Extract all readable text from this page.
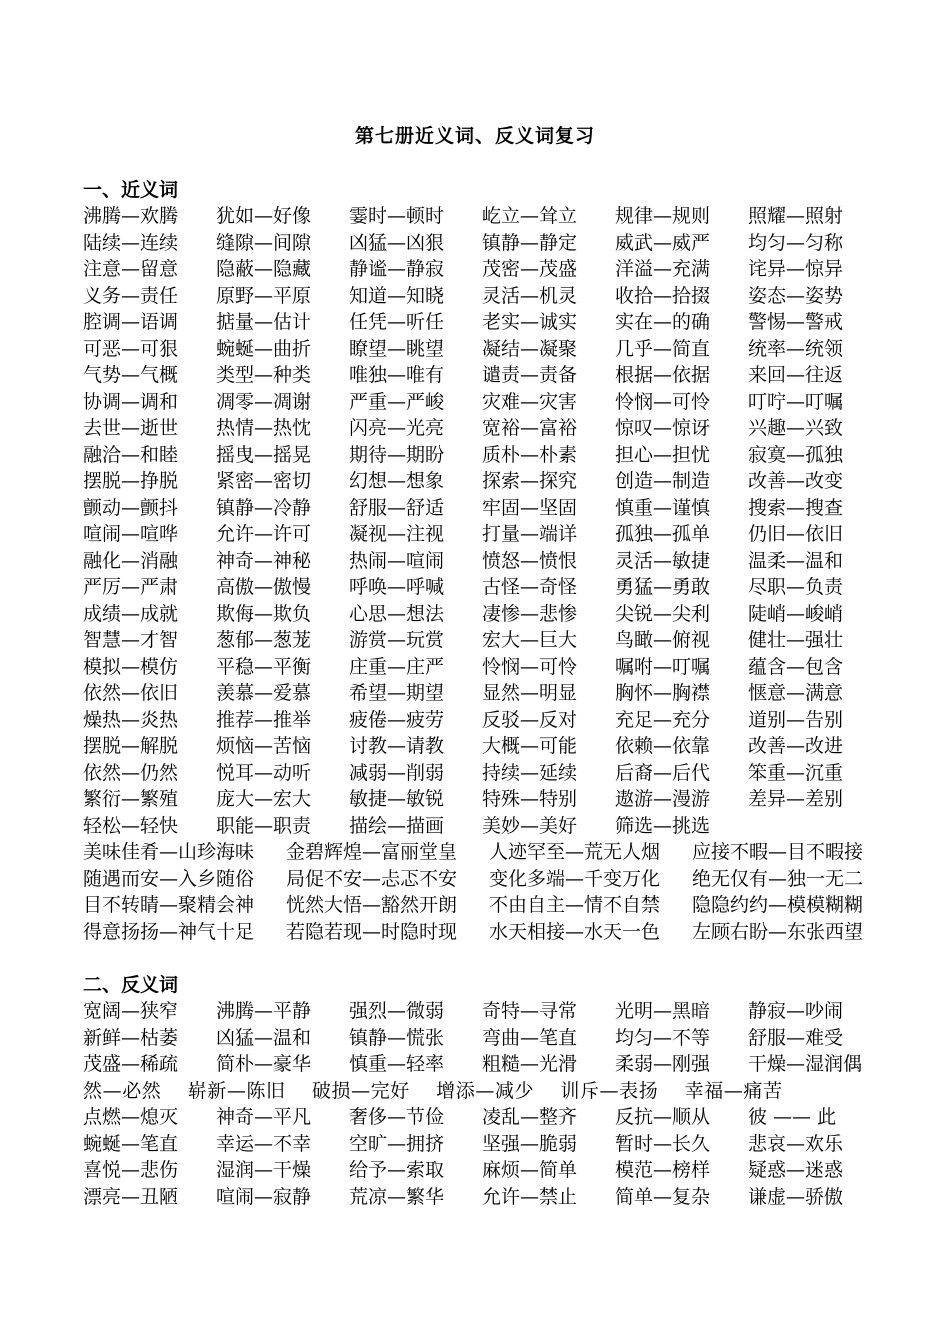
第七册近义词、反义词复习
一、近义词
沸腾—欢腾 犹如—好像 霎时—顿时 屹立—耸立 规律—规则 照耀—照射
陆续—连续 缝隙—间隙 凶猛—凶狠 镇静—静定 威武—威严 均匀—匀称
注意—留意 隐蔽—隐藏 静谧—静寂 茂密—茂盛 洋溢—充满 诧异—惊异
义务—责任 原野—平原 知道—知晓 灵活—机灵 收拾—拾掇 姿态—姿势
腔调—语调 掂量—估计 任凭—听任 老实—诚实 实在—的确 警惕—警戒
可恶—可狠 蜿蜒—曲折 瞭望—眺望 凝结—凝聚 几乎—简直 统率—统领
气势—气概 类型—种类 唯独—唯有 谴责—责备 根据—依据 来回—往返
协调—调和 凋零—凋谢 严重—严峻 灾难—灾害 怜悯—可怜 叮咛—叮嘱
去世—逝世 热情—热忱 闪亮—光亮 宽裕—富裕 惊叹—惊讶 兴趣—兴致
融洽—和睦 摇曳—摇晃 期待—期盼 质朴—朴素 担心—担忧 寂寞—孤独
摆脱—挣脱 紧密—密切 幻想—想象 探索—探究 创造—制造 改善—改变
颤动—颤抖 镇静—冷静 舒服—舒适 牢固—坚固 慎重—谨慎 搜索—搜查
喧闹—喧哗 允许—许可 凝视—注视 打量—端详 孤独—孤单 仍旧—依旧
融化—消融 神奇—神秘 热闹—喧闹 愤怒—愤恨 灵活—敏捷 温柔—温和
严厉—严肃 高傲—傲慢 呼唤—呼喊 古怪—奇怪 勇猛—勇敢 尽职—负责
成绩—成就 欺侮—欺负 心思—想法 凄惨—悲惨 尖锐—尖利 陡峭—峻峭
智慧—才智 葱郁—葱茏 游赏—玩赏 宏大—巨大 鸟瞰—俯视 健壮—强壮
模拟—模仿 平稳—平衡 庄重—庄严 怜悯—可怜 嘱咐—叮嘱 蕴含—包含
依然—依旧 羡慕—爱慕 希望—期望 显然—明显 胸怀—胸襟 惬意—满意
燥热—炎热 推荐—推举 疲倦—疲劳 反驳—反对 充足—充分 道别—告别
摆脱—解脱 烦恼—苦恼 讨教—请教 大概—可能 依赖—依靠 改善—改进
依然—仍然 悦耳—动听 减弱—削弱 持续—延续 后裔—后代 笨重—沉重
繁衍—繁殖 庞大—宏大 敏捷—敏锐 特殊—特别 遨游—漫游 差异—差别
轻松—轻快 职能—职责 描绘—描画 美妙—美好 筛选—挑选
美味佳肴—山珍海味 金碧辉煌—富丽堂皇 人迹罕至—荒无人烟 应接不暇—目不暇接
随遇而安—入乡随俗 局促不安—忐忑不安 变化多端—千变万化 绝无仅有—独一无二
目不转睛—聚精会神 恍然大悟—豁然开朗 不由自主—情不自禁 隐隐约约—模模糊糊
得意扬扬—神气十足 若隐若现—时隐时现 水天相接—水天一色 左顾右盼—东张西望
二、反义词
宽阔—狭窄 沸腾—平静 强烈—微弱 奇特—寻常 光明—黑暗 静寂—吵闹
新鲜—枯萎 凶猛—温和 镇静—慌张 弯曲—笔直 均匀—不等 舒服—难受
茂盛—稀疏 简朴—豪华 慎重—轻率 粗糙—光滑 柔弱—刚强 干燥—湿润偶
然—必然　 崭新—陈旧　 破损—完好　 增添—减少　 训斥—表扬　 幸福—痛苦
点燃—熄灭 神奇—平凡 奢侈—节俭 凌乱—整齐 反抗—顺从 彼 —— 此
蜿蜒—笔直 幸运—不幸 空旷—拥挤 坚强—脆弱 暂时—长久 悲哀—欢乐
喜悦—悲伤 湿润—干燥 给予—索取 麻烦—简单 模范—榜样 疑惑—迷惑
漂亮—丑陋 喧闹—寂静 荒凉—繁华 允许—禁止 简单—复杂 谦虚—骄傲
